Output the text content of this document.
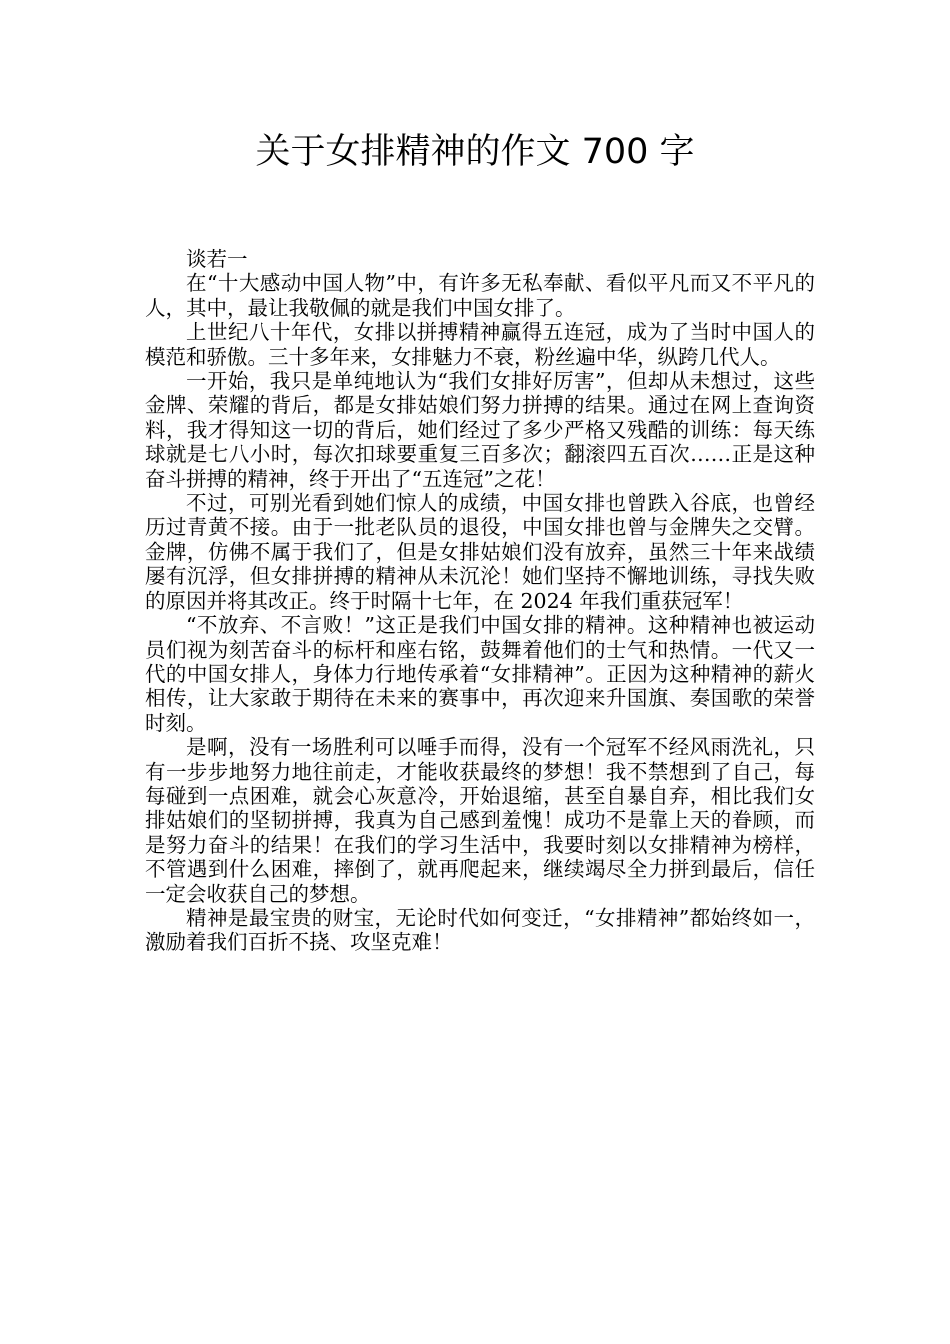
关于女排精神的作文 700 字

谈若一

在“十大感动中国人物”中，有许多无私奉献、看似平凡而又不平凡的人，其中，最让我敬佩的就是我们中国女排了。

上世纪八十年代，女排以拼搏精神赢得五连冠，成为了当时中国人的模范和骄傲。三十多年来，女排魅力不衰，粉丝遍中华，纵跨几代人。

一开始，我只是单纯地认为“我们女排好厉害”，但却从未想过，这些金牌、荣耀的背后，都是女排姑娘们努力拼搏的结果。通过在网上查询资料，我才得知这一切的背后，她们经过了多少严格又残酷的训练：每天练球就是七八小时，每次扣球要重复三百多次；翻滚四五百次……正是这种奋斗拼搏的精神，终于开出了“五连冠”之花！

不过，可别光看到她们惊人的成绩，中国女排也曾跌入谷底，也曾经历过青黄不接。由于一批老队员的退役，中国女排也曾与金牌失之交臂。金牌，仿佛不属于我们了，但是女排姑娘们没有放弃，虽然三十年来战绩屡有沉浮，但女排拼搏的精神从未沉沦！她们坚持不懈地训练，寻找失败的原因并将其改正。终于时隔十七年，在 2024 年我们重获冠军！

“不放弃、不言败！”这正是我们中国女排的精神。这种精神也被运动员们视为刻苦奋斗的标杆和座右铭，鼓舞着他们的士气和热情。一代又一代的中国女排人，身体力行地传承着“女排精神”。正因为这种精神的薪火相传，让大家敢于期待在未来的赛事中，再次迎来升国旗、奏国歌的荣誉时刻。

是啊，没有一场胜利可以唾手而得，没有一个冠军不经风雨洗礼，只有一步步地努力地往前走，才能收获最终的梦想！我不禁想到了自己，每每碰到一点困难，就会心灰意冷，开始退缩，甚至自暴自弃，相比我们女排姑娘们的坚韧拼搏，我真为自己感到羞愧！成功不是靠上天的眷顾，而是努力奋斗的结果！在我们的学习生活中，我要时刻以女排精神为榜样，不管遇到什么困难，摔倒了，就再爬起来，继续竭尽全力拼到最后，信任一定会收获自己的梦想。

精神是最宝贵的财宝，无论时代如何变迁，“女排精神”都始终如一，激励着我们百折不挠、攻坚克难！
